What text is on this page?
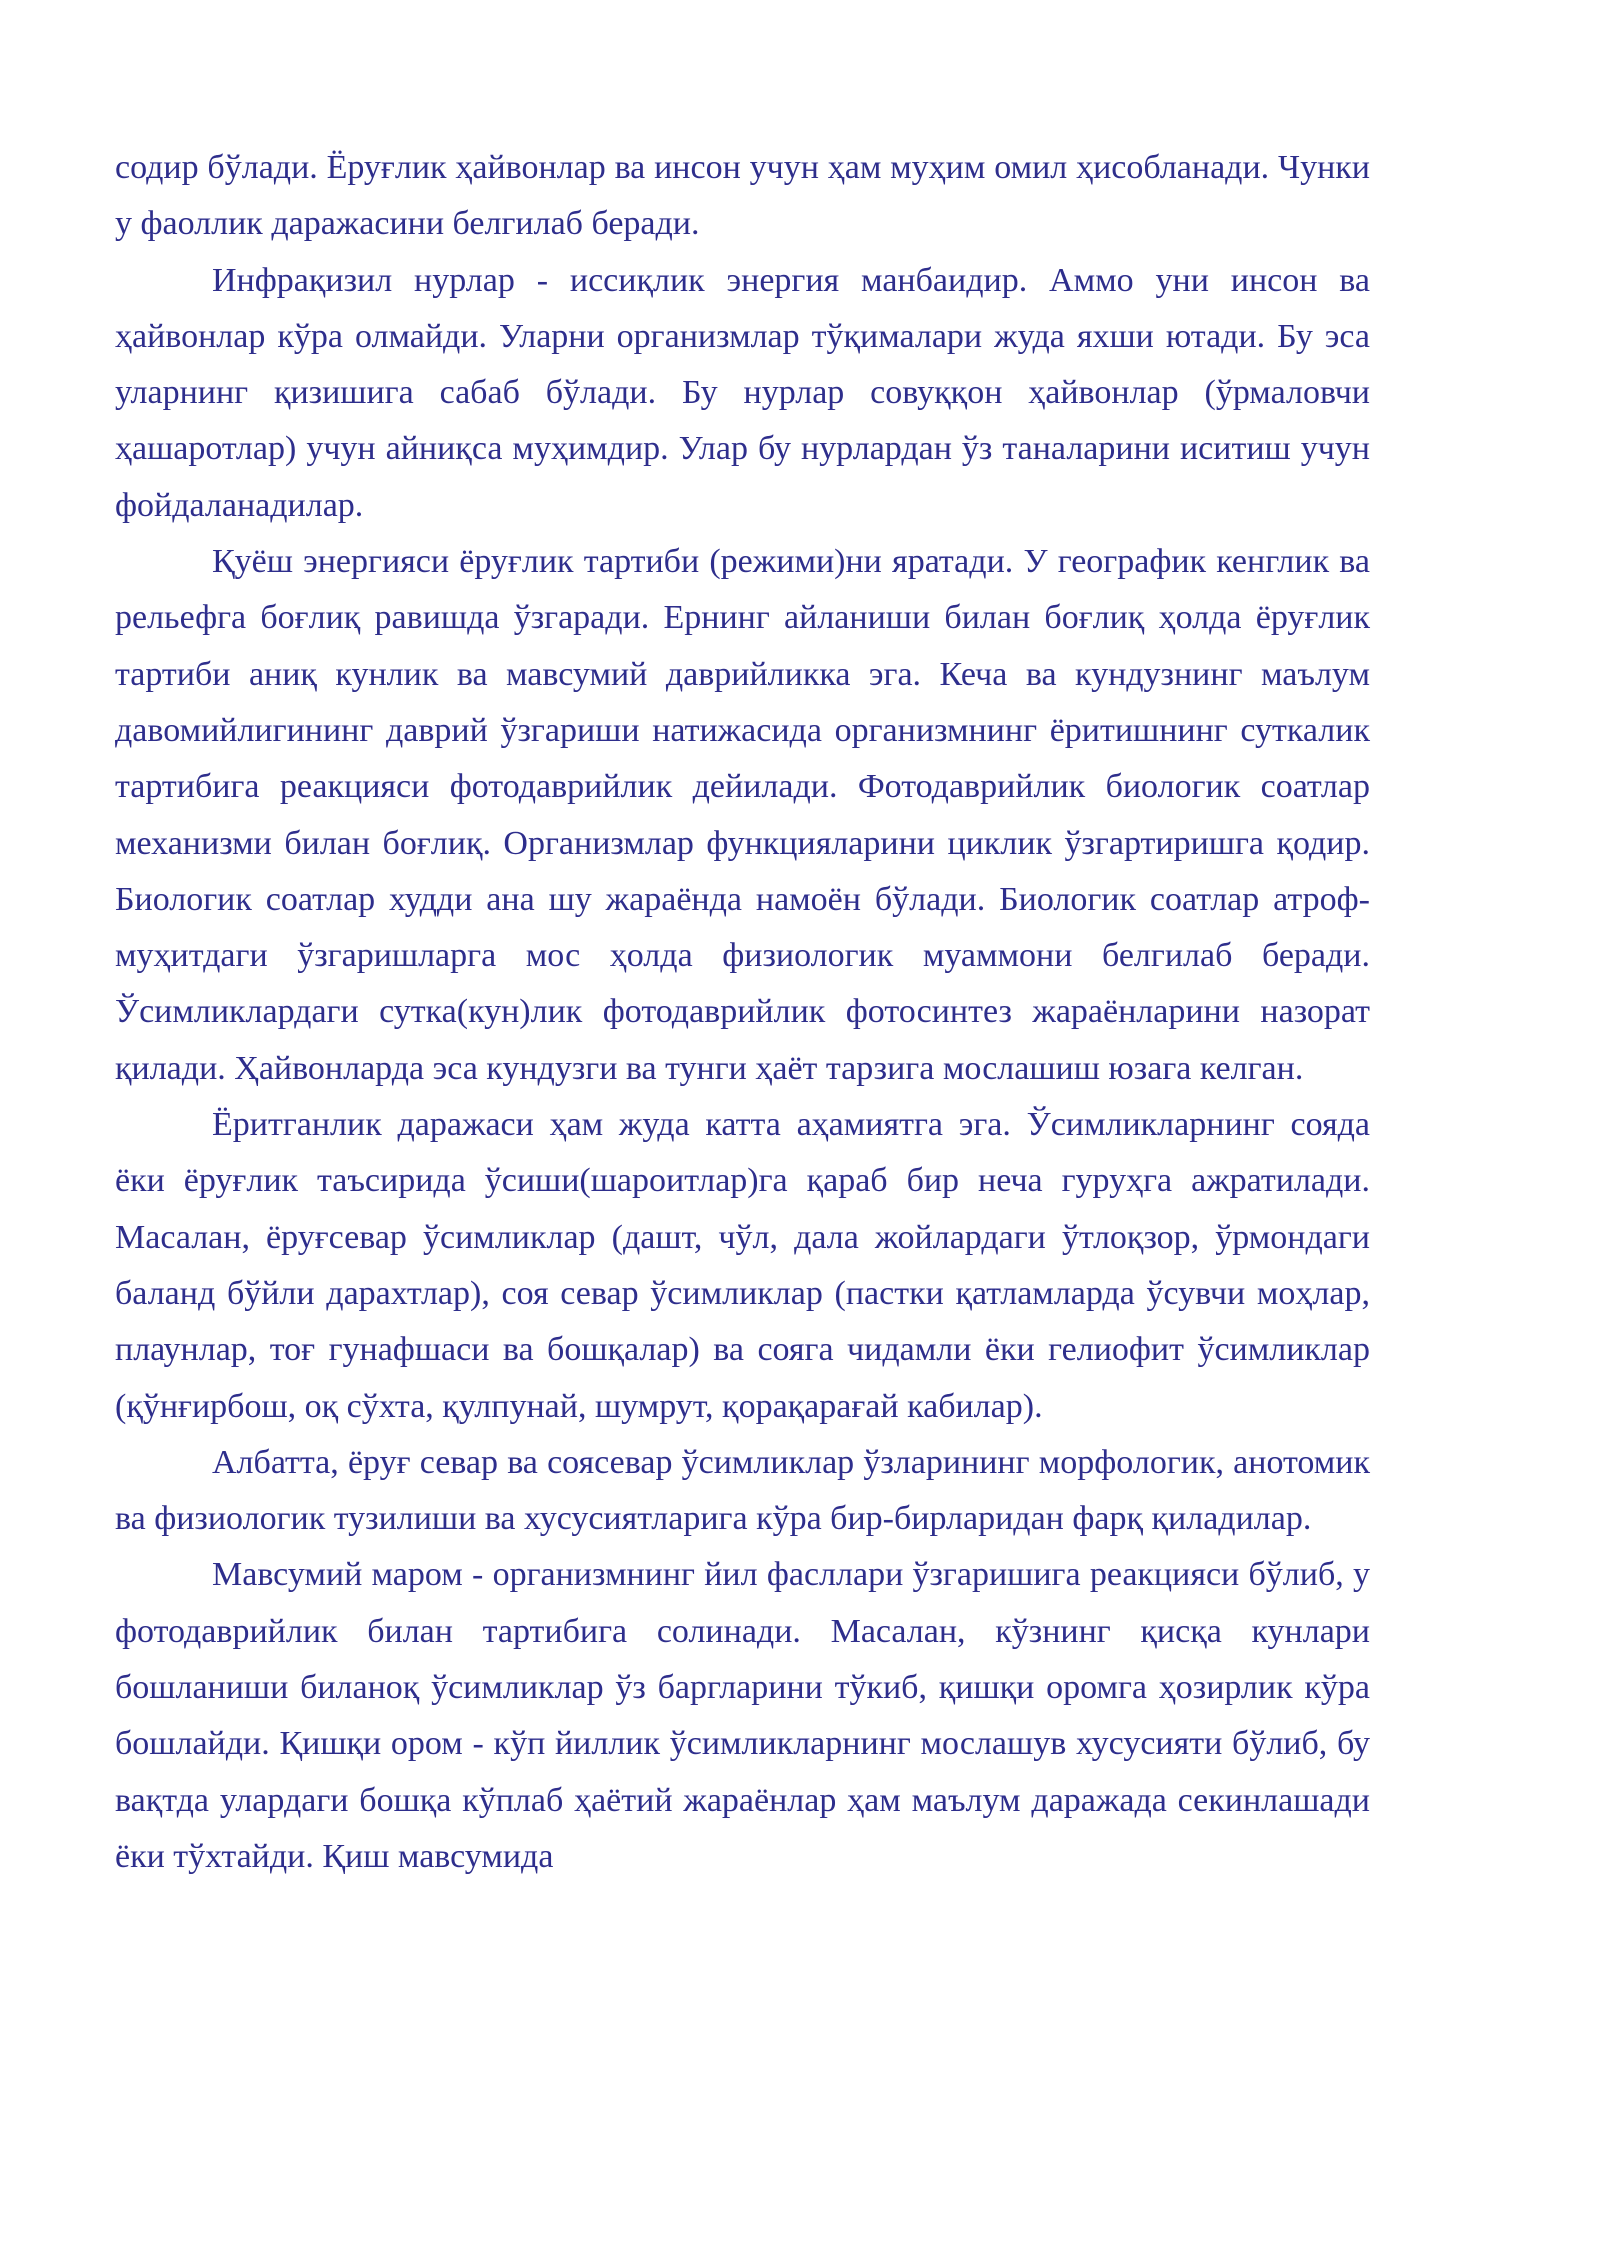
содир бўлади. Ёруғлик ҳайвонлар ва инсон учун ҳам муҳим омил ҳисобланади. Чунки у фаоллик даражасини белгилаб беради.

Инфрақизил нурлар - иссиқлик энергия манбаидир. Аммо уни инсон ва ҳайвонлар кўра олмайди. Уларни организмлар тўқималари жуда яхши ютади. Бу эса уларнинг қизишига сабаб бўлади. Бу нурлар совуққон ҳайвонлар (ўрмаловчи ҳашаротлар) учун айниқса муҳимдир. Улар бу нурлардан ўз таналарини иситиш учун фойдаланадилар.

Қуёш энергияси ёруғлик тартиби (режими)ни яратади. У географик кенглик ва рельефга боғлиқ равишда ўзгаради. Ернинг айланиши билан боғлиқ ҳолда ёруғлик тартиби аниқ кунлик ва мавсумий даврийликка эга. Кеча ва кундузнинг маълум давомийлигининг даврий ўзгариши натижасида организмнинг ёритишнинг суткалик тартибига реакцияси фотодаврийлик дейилади. Фотодаврийлик биологик соатлар механизми билан боғлиқ. Организмлар функцияларини циклик ўзгартиришга қодир. Биологик соатлар худди ана шу жараёнда намоён бўлади. Биологик соатлар атроф-муҳитдаги ўзгаришларга мос ҳолда физиологик муаммони белгилаб беради. Ўсимликлардаги сутка(кун)лик фотодаврийлик фотосинтез жараёнларини назорат қилади. Ҳайвонларда эса кундузги ва тунги ҳаёт тарзига мослашиш юзага келган.

Ёритганлик даражаси ҳам жуда катта аҳамиятга эга. Ўсимликларнинг сояда ёки ёруғлик таъсирида ўсиши(шароитлар)га қараб бир неча гуруҳга ажратилади. Масалан, ёруғсевар ўсимликлар (дашт, чўл, дала жойлардаги ўтлоқзор, ўрмондаги баланд бўйли дарахтлар), соя севар ўсимликлар (пастки қатламларда ўсувчи моҳлар, плаунлар, тоғ гунафшаси ва бошқалар) ва сояга чидамли ёки гелиофит ўсимликлар (қўнғирбош, оқ сўхта, қулпунай, шумрут, қорақарағай кабилар).

Албатта, ёруғ севар ва соясевар ўсимликлар ўзларининг морфологик, анотомик ва физиологик тузилиши ва хусусиятларига кўра бир-бирларидан фарқ қиладилар.

Мавсумий маром - организмнинг йил фасллари ўзгаришига реакцияси бўлиб, у фотодаврийлик билан тартибига солинади. Масалан, кўзнинг қисқа кунлари бошланиши биланоқ ўсимликлар ўз баргларини тўкиб, қишқи оромга ҳозирлик кўра бошлайди. Қишқи ором - кўп йиллик ўсимликларнинг мослашув хусусияти бўлиб, бу вақтда улардаги бошқа кўплаб ҳаётий жараёнлар ҳам маълум даражада секинлашади ёки тўхтайди. Қиш мавсумида
